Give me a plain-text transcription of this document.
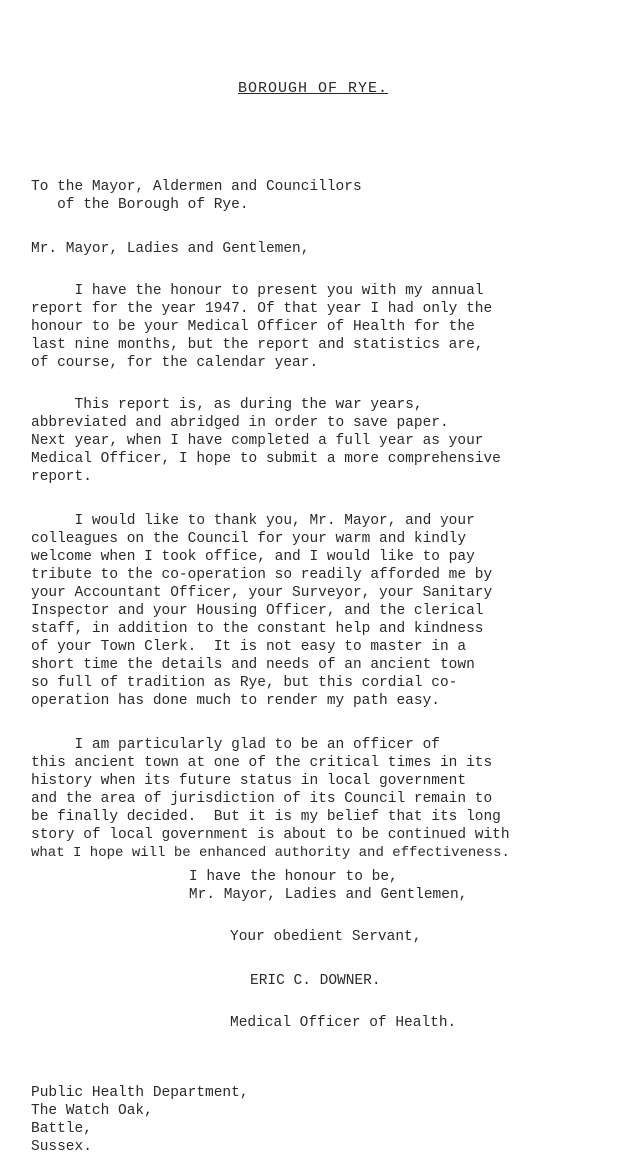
BOROUGH OF RYE.
To the Mayor, Aldermen and Councillors
of the Borough of Rye.
Mr. Mayor, Ladies and Gentlemen,
I have the honour to present you with my annual
report for the year 1947. Of that year I had only the
honour to be your Medical Officer of Health for the
last nine months, but the report and statistics are,
of course, for the calendar year.
This report is, as during the war years,
abbreviated and abridged in order to save paper.
Next year, when I have completed a full year as your
Medical Officer, I hope to submit a more comprehensive
report.
I would like to thank you, Mr. Mayor, and your
colleagues on the Council for your warm and kindly
welcome when I took office, and I would like to pay
tribute to the co-operation so readily afforded me by
your Accountant Officer, your Surveyor, your Sanitary
Inspector and your Housing Officer, and the clerical
staff, in addition to the constant help and kindness
of your Town Clerk.  It is not easy to master in a
short time the details and needs of an ancient town
so full of tradition as Rye, but this cordial co-
operation has done much to render my path easy.
I am particularly glad to be an officer of
this ancient town at one of the critical times in its
history when its future status in local government
and the area of jurisdiction of its Council remain to
be finally decided.  But it is my belief that its long
story of local government is about to be continued with
what I hope will be enhanced authority and effectiveness.
I have the honour to be,
Mr. Mayor, Ladies and Gentlemen,
Your obedient Servant,
ERIC C. DOWNER.
Medical Officer of Health.
Public Health Department,
The Watch Oak,
Battle,
Sussex.
